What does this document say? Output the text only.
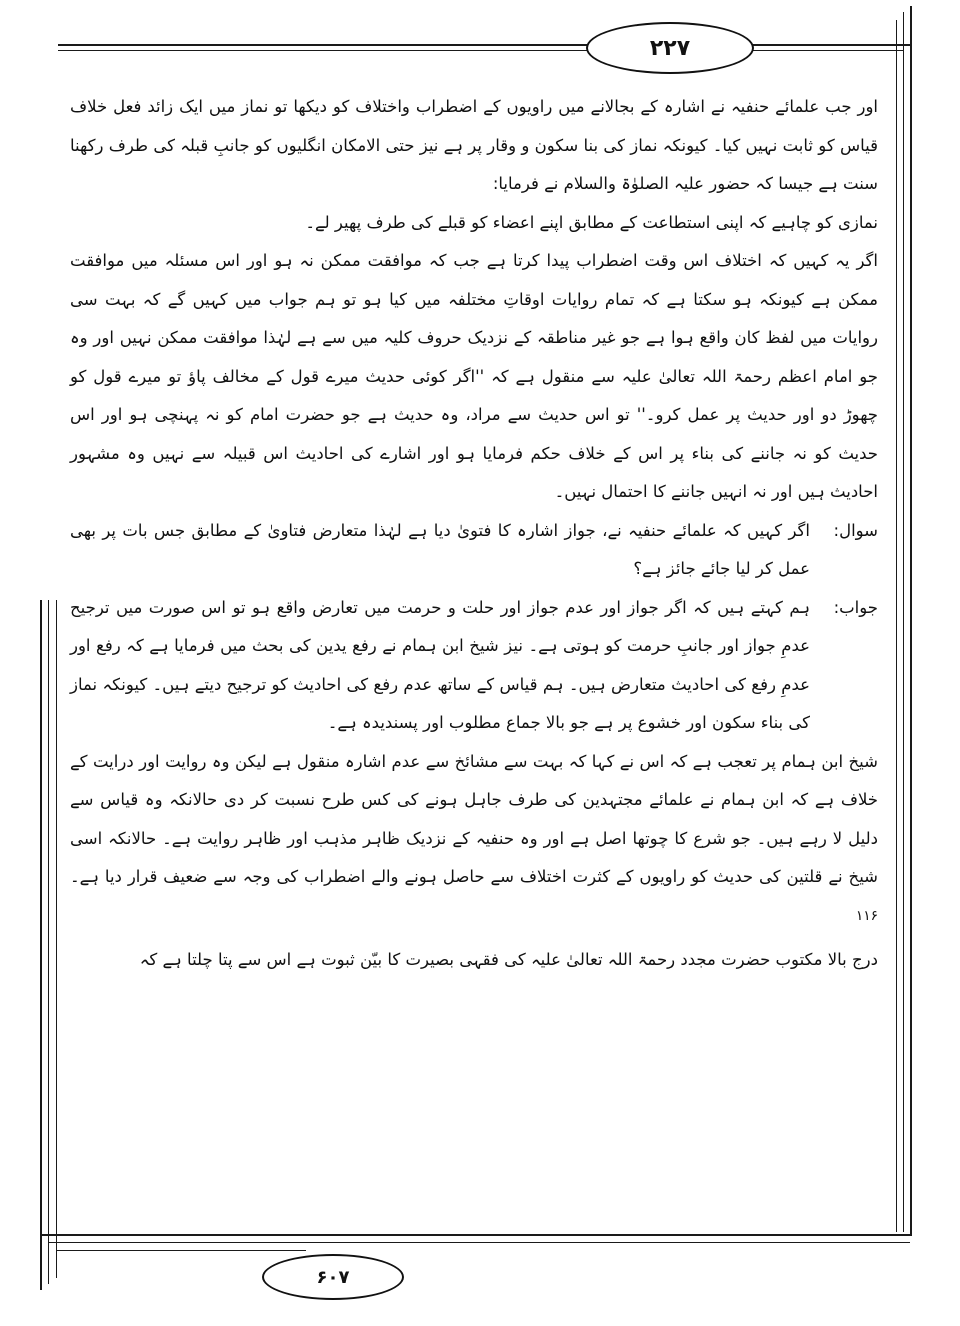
۲۲۷

اور جب علمائے حنفیہ نے اشارہ کے بجالانے میں راویوں کے اضطراب واختلاف کو دیکھا تو نماز میں ایک زائد فعل خلاف قیاس کو ثابت نہیں کیا۔ کیونکہ نماز کی بنا سکون و وقار پر ہے نیز حتی الامکان انگلیوں کو جانبِ قبلہ کی طرف رکھنا سنت ہے جیسا کہ حضور علیہ الصلوٰۃ والسلام نے فرمایا:

نمازی کو چاہیے کہ اپنی استطاعت کے مطابق اپنے اعضاء کو قبلے کی طرف پھیر لے۔

اگر یہ کہیں کہ اختلاف اس وقت اضطراب پیدا کرتا ہے جب کہ موافقت ممکن نہ ہو اور اس مسئلہ میں موافقت ممکن ہے کیونکہ ہو سکتا ہے کہ تمام روایات اوقاتِ مختلفہ میں کیا ہو تو ہم جواب میں کہیں گے کہ بہت سی روایات میں لفظ کان واقع ہوا ہے جو غیر مناطقہ کے نزدیک حروف کلیہ میں سے ہے لہٰذا موافقت ممکن نہیں اور وہ جو امام اعظم رحمۃ اللہ تعالیٰ علیہ سے منقول ہے کہ ''اگر کوئی حدیث میرے قول کے مخالف پاؤ تو میرے قول کو چھوڑ دو اور حدیث پر عمل کرو۔'' تو اس حدیث سے مراد، وہ حدیث ہے جو حضرت امام کو نہ پہنچی ہو اور اس حدیث کو نہ جاننے کی بناء پر اس کے خلاف حکم فرمایا ہو اور اشارے کی احادیث اس قبیلہ سے نہیں وہ مشہور احادیث ہیں اور نہ انہیں جاننے کا احتمال نہیں۔

سوال:
اگر کہیں کہ علمائے حنفیہ نے، جواز اشارہ کا فتویٰ دیا ہے لہٰذا متعارض فتاویٰ کے مطابق جس بات پر بھی عمل کر لیا جائے جائز ہے؟
جواب:
ہم کہتے ہیں کہ اگر جواز اور عدم جواز اور حلت و حرمت میں تعارض واقع ہو تو اس صورت میں ترجیح عدمِ جواز اور جانبِ حرمت کو ہوتی ہے۔ نیز شیخ ابن ہمام نے رفع یدین کی بحث میں فرمایا ہے کہ رفع اور عدمِ رفع کی احادیث متعارض ہیں۔ ہم قیاس کے ساتھ عدم رفع کی احادیث کو ترجیح دیتے ہیں۔ کیونکہ نماز کی بناء سکون اور خشوع پر ہے جو بالا جماع مطلوب اور پسندیدہ ہے۔

شیخ ابن ہمام پر تعجب ہے کہ اس نے کہا کہ بہت سے مشائخ سے عدم اشارہ منقول ہے لیکن وہ روایت اور درایت کے خلاف ہے کہ ابن ہمام نے علمائے مجتہدین کی طرف جاہل ہونے کی کس طرح نسبت کر دی حالانکہ وہ قیاس سے دلیل لا رہے ہیں۔ جو شرع کا چوتھا اصل ہے اور وہ حنفیہ کے نزدیک ظاہر مذہب اور ظاہر روایت ہے۔ حالانکہ اسی شیخ نے قلتین کی حدیث کو راویوں کے کثرت اختلاف سے حاصل ہونے والے اضطراب کی وجہ سے ضعیف قرار دیا ہے۔$^{۱۱۶}$

درج بالا مکتوب حضرت مجدد رحمۃ اللہ تعالیٰ علیہ کی فقہی بصیرت کا بیّن ثبوت ہے اس سے پتا چلتا ہے کہ

۶۰۷
